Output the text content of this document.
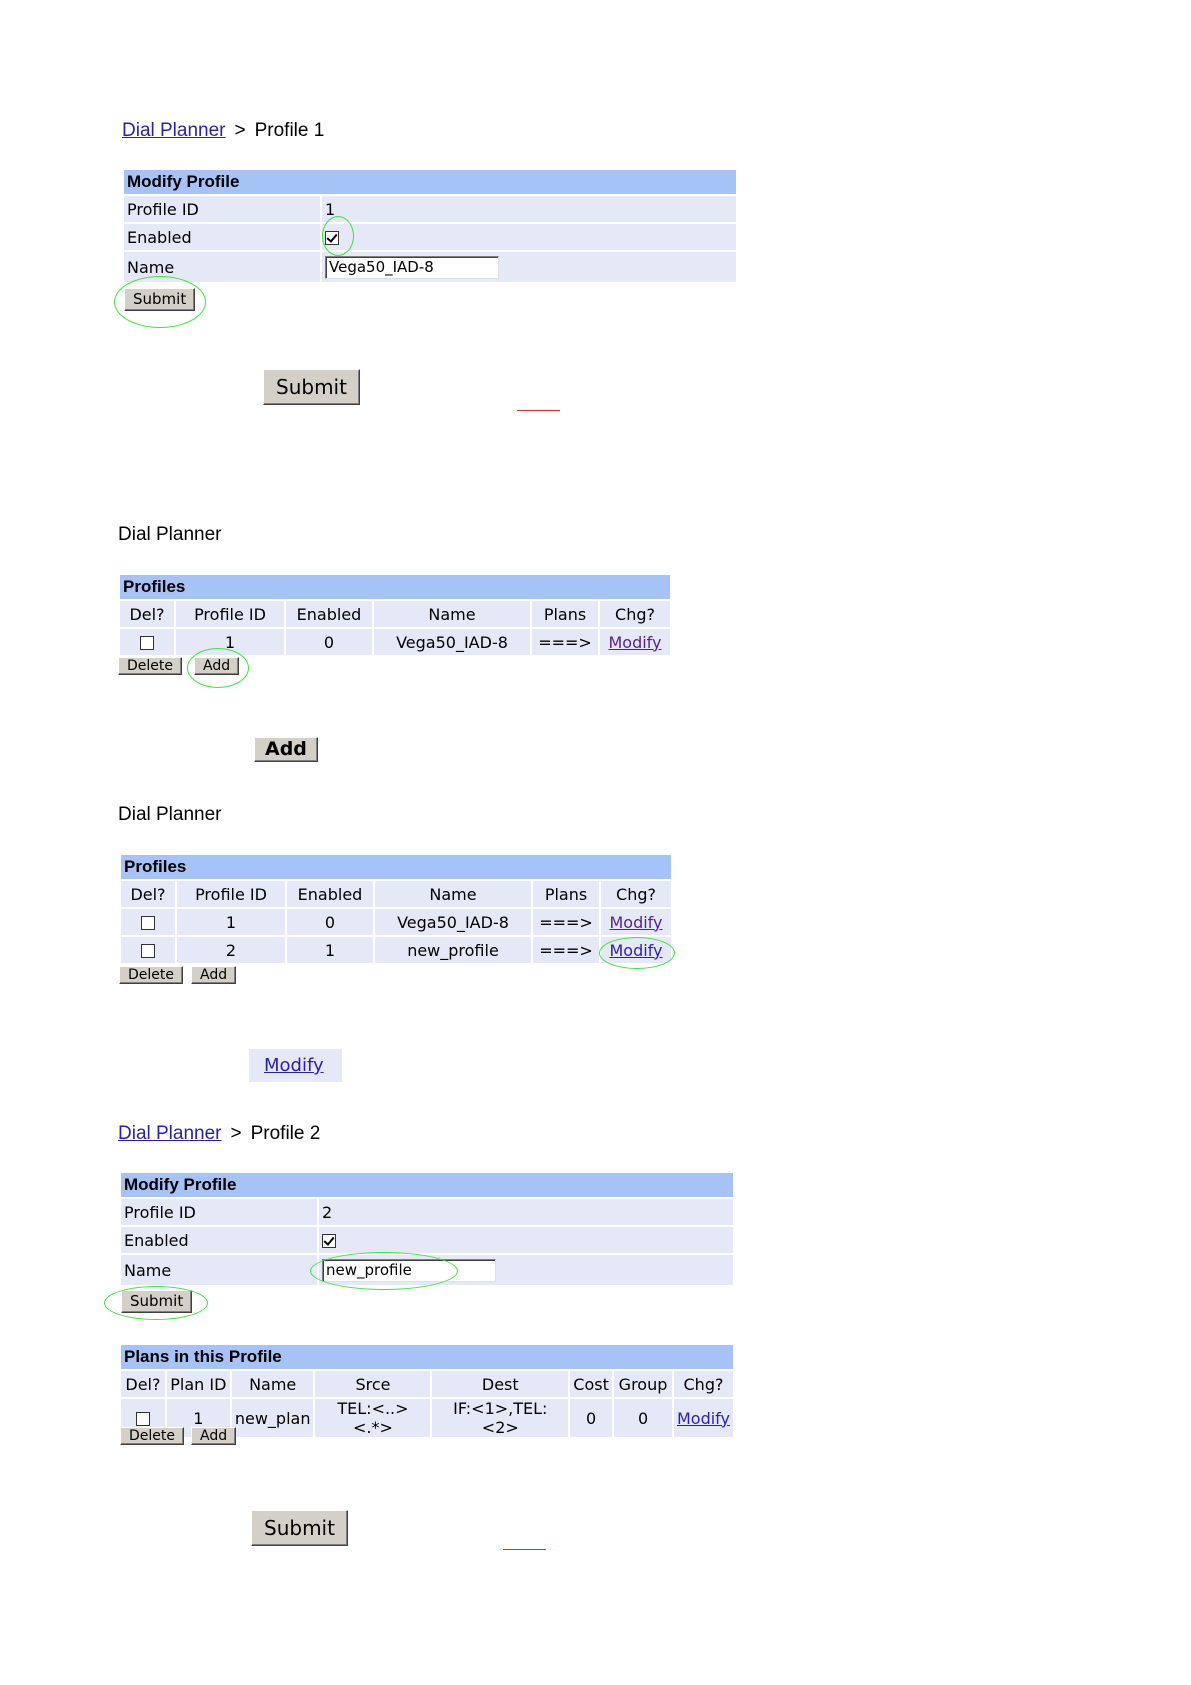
Dial Planner > Profile 1
Modify Profile	
Profile ID	1
Enabled	
Name	Vega50_IAD-8
Submit
Submit
Dial Planner
Profiles					
Del?	Profile ID	Enabled	Name	Plans	Chg?
	1	0	Vega50_IAD-8	===>	Modify
Delete	Add
Add
Dial Planner
Profiles					
Del?	Profile ID	Enabled	Name	Plans	Chg?
	1	0	Vega50_IAD-8	===>	Modify
	2	1	new_profile	===>	Modify
Delete	Add
Modify
Dial Planner > Profile 2
Modify Profile	
Profile ID	2
Enabled	
Name	new_profile
Submit
Plans in this Profile							
Del?	Plan ID	Name	Srce	Dest	Cost	Group	Chg?
	1	new_plan	TEL:<..><.*>	IF:<1>,TEL:<2>	0	0	Modify
Delete	Add
Submit
